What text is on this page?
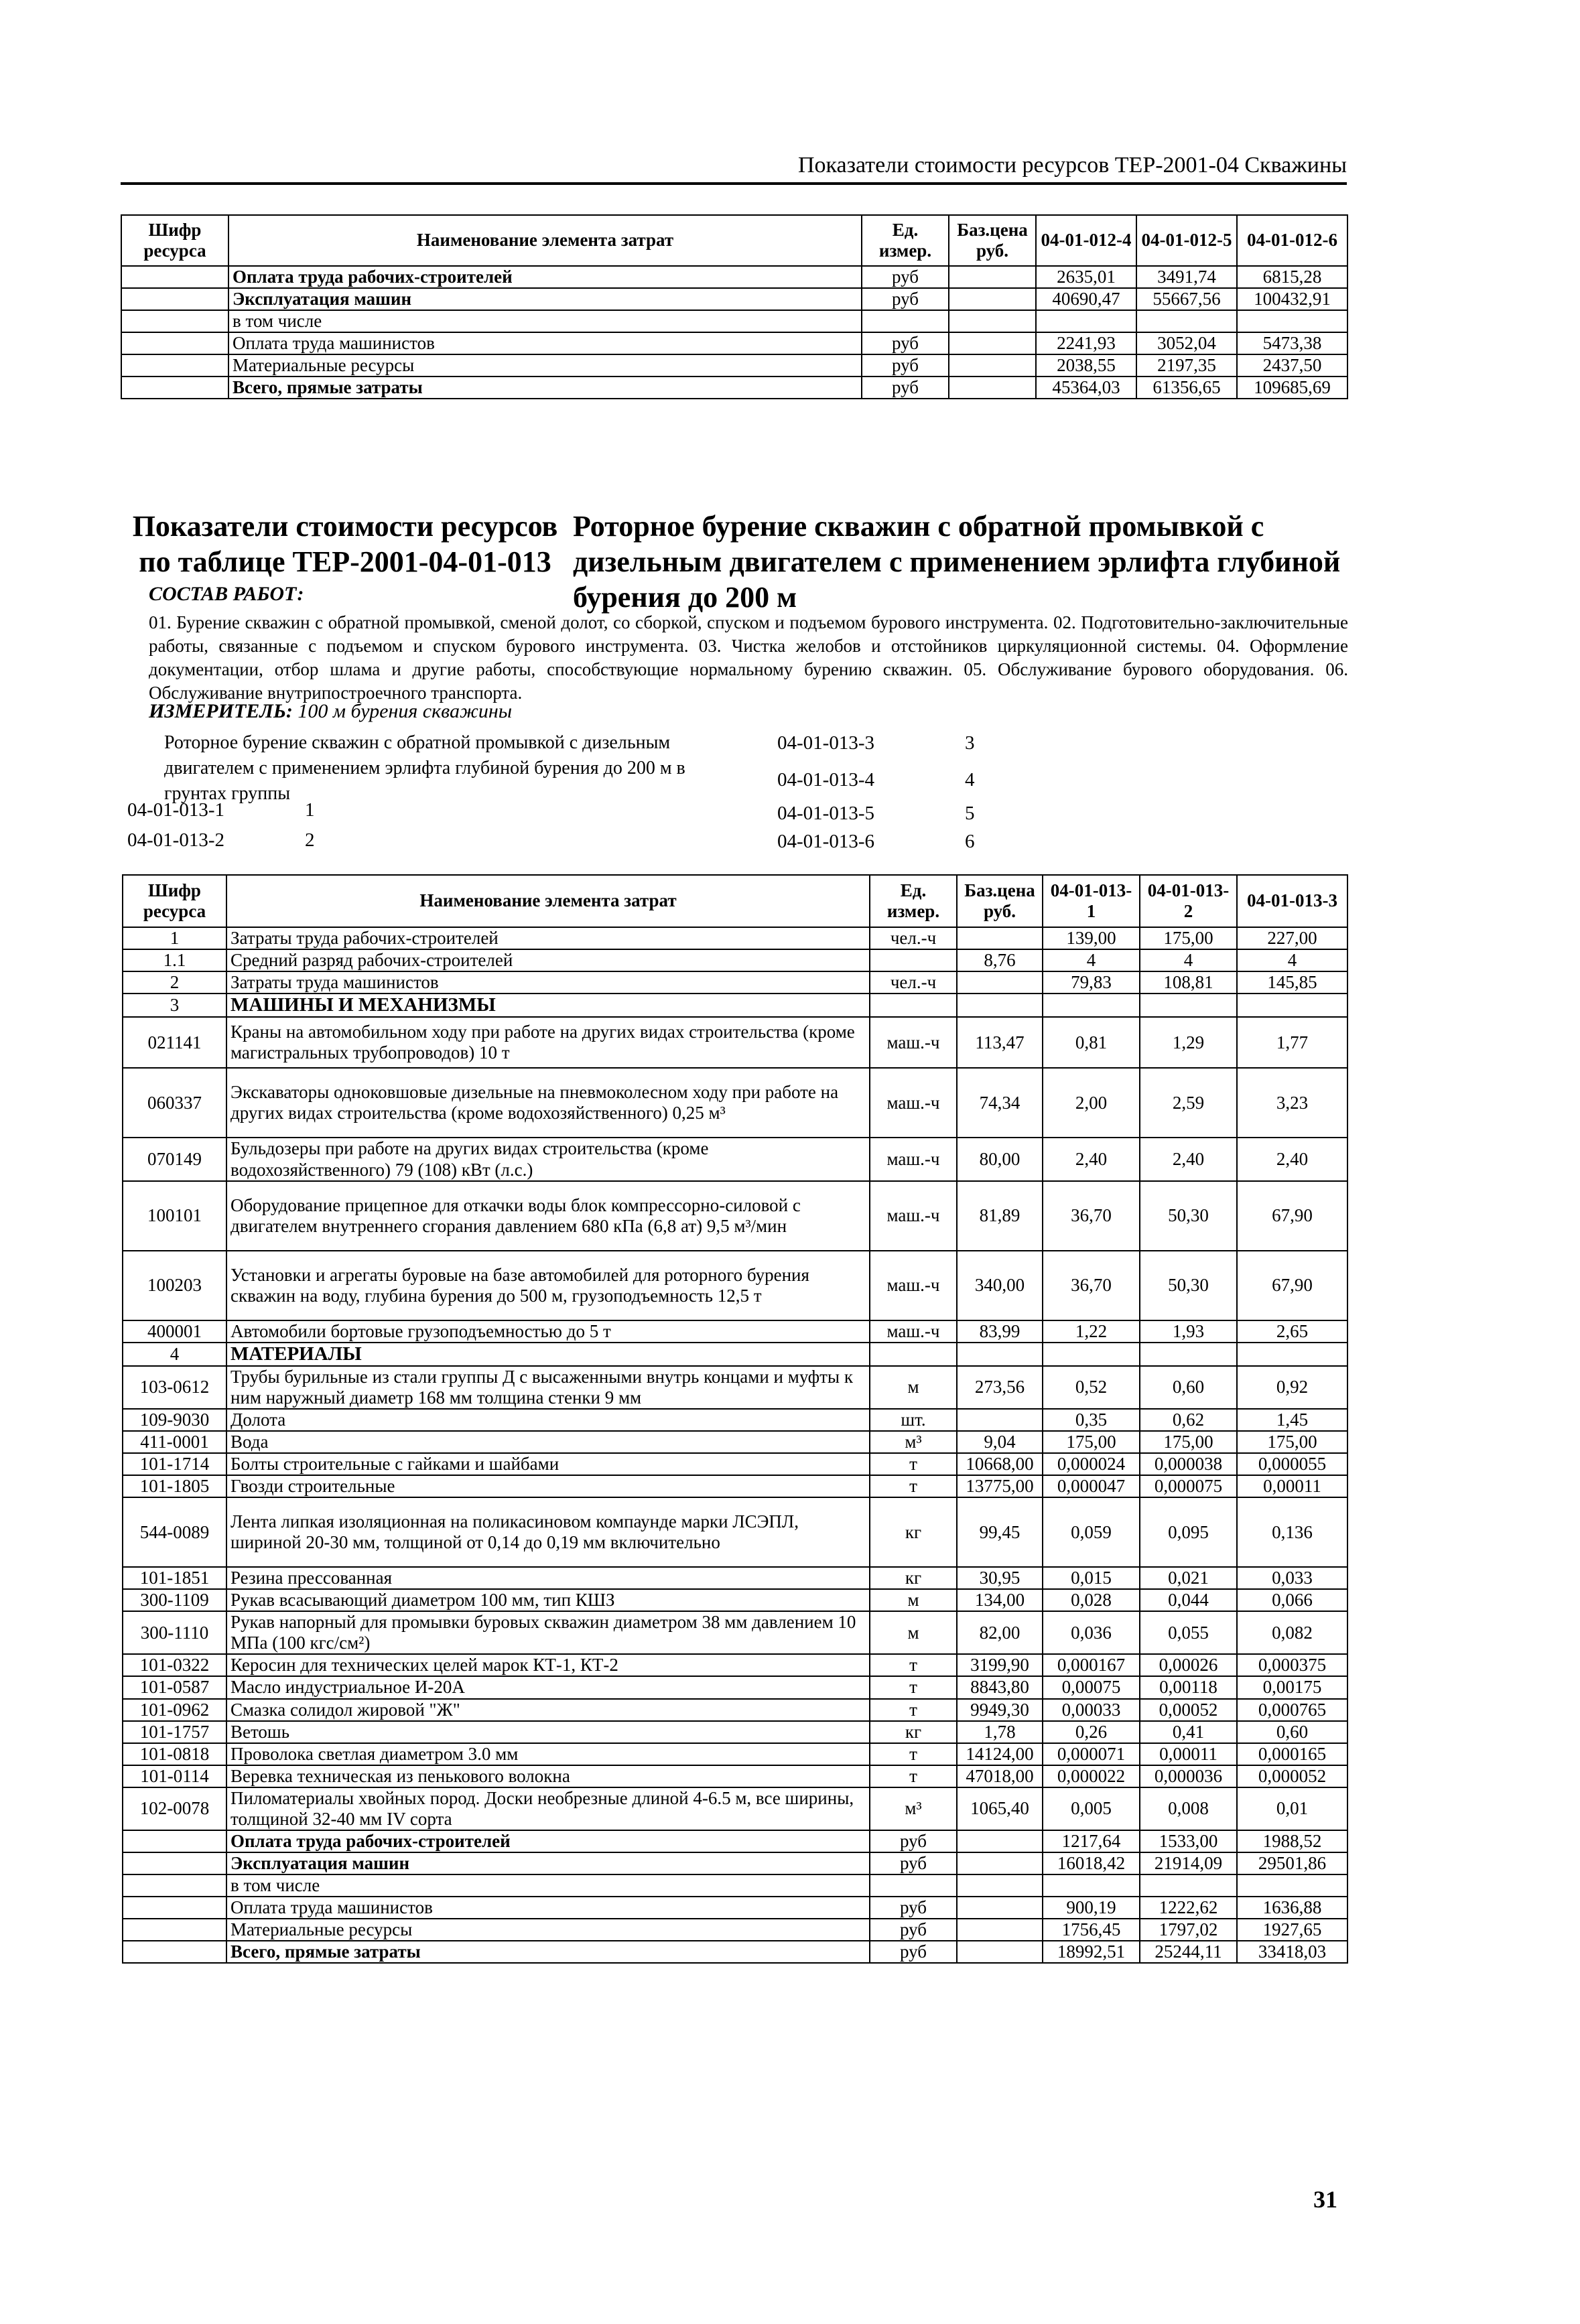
Показатели стоимости ресурсов ТЕР-2001-04 Скважины
Шифр ресурса	Наименование элемента затрат	Ед. измер.	Баз.цена руб.	04-01-012-4	04-01-012-5	04-01-012-6
	Оплата труда рабочих-строителей	руб		2635,01	3491,74	6815,28
	Эксплуатация машин	руб		40690,47	55667,56	100432,91
	в том числе					
	Оплата труда машинистов	руб		2241,93	3052,04	5473,38
	Материальные ресурсы	руб		2038,55	2197,35	2437,50
	Всего, прямые затраты	руб		45364,03	61356,65	109685,69
Показатели стоимости ресурсов по таблице ТЕР-2001-04-01-013
Роторное бурение скважин с обратной промывкой с дизельным двигателем с применением эрлифта глубиной бурения до 200 м
СОСТАВ РАБОТ:
01. Бурение скважин с обратной промывкой, сменой долот, со сборкой, спуском и подъемом бурового инструмента. 02. Подготовительно-заключительные работы, связанные с подъемом и спуском бурового инструмента. 03. Чистка желобов и отстойников циркуляционной системы. 04. Оформление документации, отбор шлама и другие работы, способствующие нормальному бурению скважин. 05. Обслуживание бурового оборудования. 06. Обслуживание внутрипостроечного транспорта.
ИЗМЕРИТЕЛЬ: 100 м бурения скважины
Роторное бурение скважин с обратной промывкой с дизельным двигателем с применением эрлифта глубиной бурения до 200 м в грунтах группы
04-01-013-1	1
04-01-013-2	2
04-01-013-3	3
04-01-013-4	4
04-01-013-5	5
04-01-013-6	6
Шифр ресурса	Наименование элемента затрат	Ед. измер.	Баз.цена руб.	04-01-013-1	04-01-013-2	04-01-013-3
1	Затраты труда рабочих-строителей	чел.-ч		139,00	175,00	227,00
1.1	Средний разряд рабочих-строителей		8,76	4	4	4
2	Затраты труда машинистов	чел.-ч		79,83	108,81	145,85
3	МАШИНЫ И МЕХАНИЗМЫ					
021141	Краны на автомобильном ходу при работе на других видах строительства (кроме магистральных трубопроводов) 10 т	маш.-ч	113,47	0,81	1,29	1,77
060337	Экскаваторы одноковшовые дизельные на пневмоколесном ходу при работе на других видах строительства (кроме водохозяйственного) 0,25 м³	маш.-ч	74,34	2,00	2,59	3,23
070149	Бульдозеры при работе на других видах строительства (кроме водохозяйственного) 79 (108) кВт (л.с.)	маш.-ч	80,00	2,40	2,40	2,40
100101	Оборудование прицепное для откачки воды блок компрессорно-силовой с двигателем внутреннего сгорания давлением 680 кПа (6,8 ат) 9,5 м³/мин	маш.-ч	81,89	36,70	50,30	67,90
100203	Установки и агрегаты буровые на базе автомобилей для роторного бурения скважин на воду, глубина бурения до 500 м, грузоподъемность 12,5 т	маш.-ч	340,00	36,70	50,30	67,90
400001	Автомобили бортовые грузоподъемностью до 5 т	маш.-ч	83,99	1,22	1,93	2,65
4	МАТЕРИАЛЫ					
103-0612	Трубы бурильные из стали группы Д с высаженными внутрь концами и муфты к ним наружный диаметр 168 мм толщина стенки 9 мм	м	273,56	0,52	0,60	0,92
109-9030	Долота	шт.		0,35	0,62	1,45
411-0001	Вода	м³	9,04	175,00	175,00	175,00
101-1714	Болты строительные с гайками и шайбами	т	10668,00	0,000024	0,000038	0,000055
101-1805	Гвозди строительные	т	13775,00	0,000047	0,000075	0,00011
544-0089	Лента липкая изоляционная на поликасиновом компаунде марки ЛСЭПЛ, шириной 20-30 мм, толщиной от 0,14 до 0,19 мм включительно	кг	99,45	0,059	0,095	0,136
101-1851	Резина прессованная	кг	30,95	0,015	0,021	0,033
300-1109	Рукав всасывающий диаметром 100 мм, тип КШЗ	м	134,00	0,028	0,044	0,066
300-1110	Рукав напорный для промывки буровых скважин диаметром 38 мм давлением 10 МПа (100 кгс/см²)	м	82,00	0,036	0,055	0,082
101-0322	Керосин для технических целей марок КТ-1, КТ-2	т	3199,90	0,000167	0,00026	0,000375
101-0587	Масло индустриальное И-20А	т	8843,80	0,00075	0,00118	0,00175
101-0962	Смазка солидол жировой "Ж"	т	9949,30	0,00033	0,00052	0,000765
101-1757	Ветошь	кг	1,78	0,26	0,41	0,60
101-0818	Проволока светлая диаметром 3.0 мм	т	14124,00	0,000071	0,00011	0,000165
101-0114	Веревка техническая из пенькового волокна	т	47018,00	0,000022	0,000036	0,000052
102-0078	Пиломатериалы хвойных пород. Доски необрезные длиной 4-6.5 м, все ширины, толщиной 32-40 мм IV сорта	м³	1065,40	0,005	0,008	0,01
	Оплата труда рабочих-строителей	руб		1217,64	1533,00	1988,52
	Эксплуатация машин	руб		16018,42	21914,09	29501,86
	в том числе					
	Оплата труда машинистов	руб		900,19	1222,62	1636,88
	Материальные ресурсы	руб		1756,45	1797,02	1927,65
	Всего, прямые затраты	руб		18992,51	25244,11	33418,03
31
